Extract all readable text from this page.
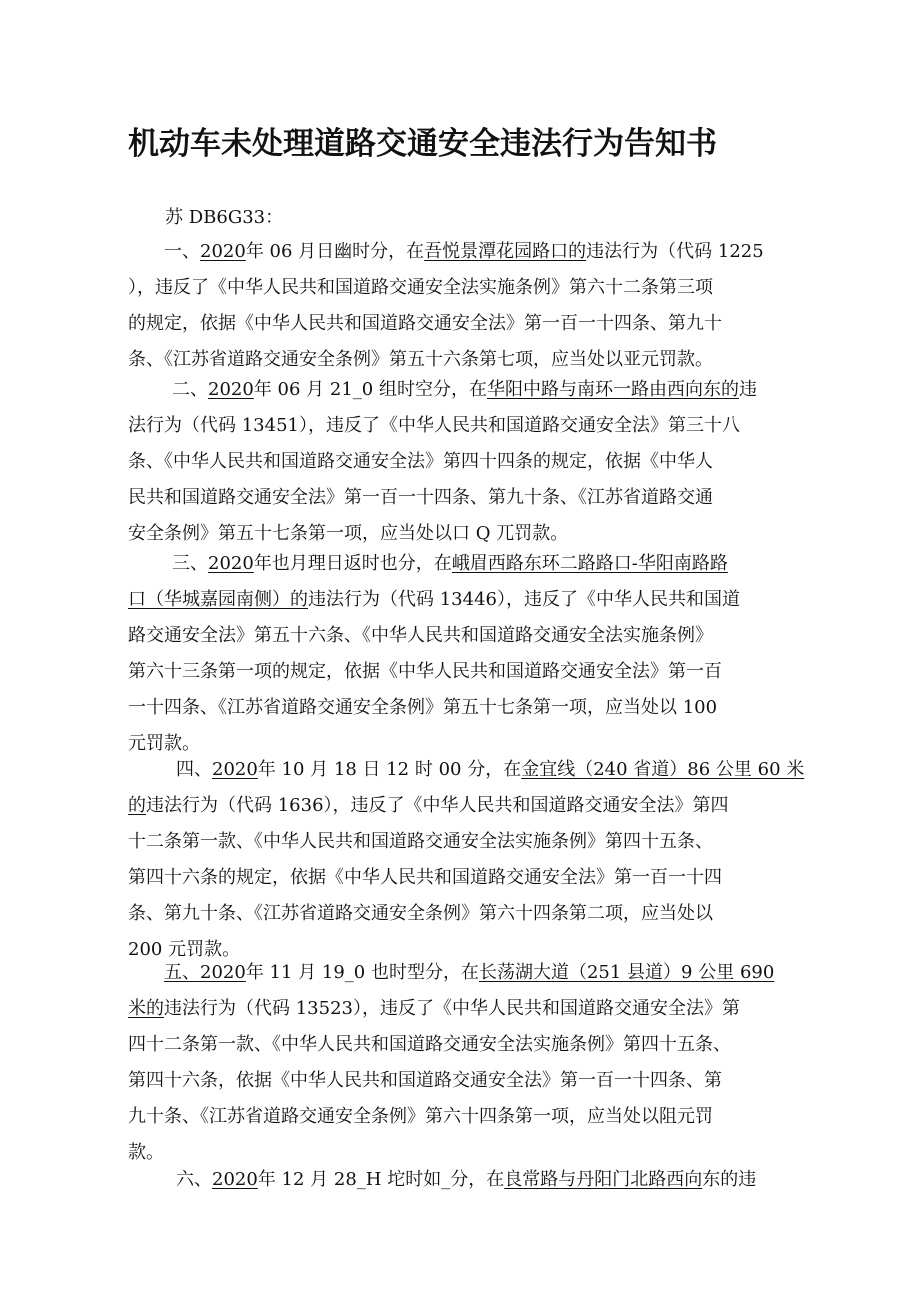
机动车未处理道路交通安全违法行为告知书
苏 DB6G33：
一、2020年 06 月日幽时分，在吾悦景潭花园路口的违法行为（代码 1225
），违反了《中华人民共和国道路交通安全法实施条例》第六十二条第三项
的规定，依据《中华人民共和国道路交通安全法》第一百一十四条、第九十
条、《江苏省道路交通安全条例》第五十六条第七项，应当处以亚元罚款。
二、2020年 06 月 21_0 组时空分，在华阳中路与南环一路由西向东的违
法行为（代码 13451），违反了《中华人民共和国道路交通安全法》第三十八
条、《中华人民共和国道路交通安全法》第四十四条的规定，依据《中华人
民共和国道路交通安全法》第一百一十四条、第九十条、《江苏省道路交通
安全条例》第五十七条第一项，应当处以口 Q 兀罚款。
三、2020年也月理日返时也分，在峨眉西路东环二路路口-华阳南路路
口（华城嘉园南侧）的违法行为（代码 13446），违反了《中华人民共和国道
路交通安全法》第五十六条、《中华人民共和国道路交通安全法实施条例》
第六十三条第一项的规定，依据《中华人民共和国道路交通安全法》第一百
一十四条、《江苏省道路交通安全条例》第五十七条第一项，应当处以 100
元罚款。
四、2020年 10 月 18 日 12 时 00 分，在金宜线（240 省道）86 公里 60 米
的违法行为（代码 1636），违反了《中华人民共和国道路交通安全法》第四
十二条第一款、《中华人民共和国道路交通安全法实施条例》第四十五条、
第四十六条的规定，依据《中华人民共和国道路交通安全法》第一百一十四
条、第九十条、《江苏省道路交通安全条例》第六十四条第二项，应当处以
200 元罚款。
五、2020年 11 月 19_0 也时型分，在长荡湖大道（251 县道）9 公里 690
米的违法行为（代码 13523），违反了《中华人民共和国道路交通安全法》第
四十二条第一款、《中华人民共和国道路交通安全法实施条例》第四十五条、
第四十六条，依据《中华人民共和国道路交通安全法》第一百一十四条、第
九十条、《江苏省道路交通安全条例》第六十四条第一项，应当处以阻元罚
款。
六、2020年 12 月 28_H 坨时如_分，在良常路与丹阳门北路西向东的违
